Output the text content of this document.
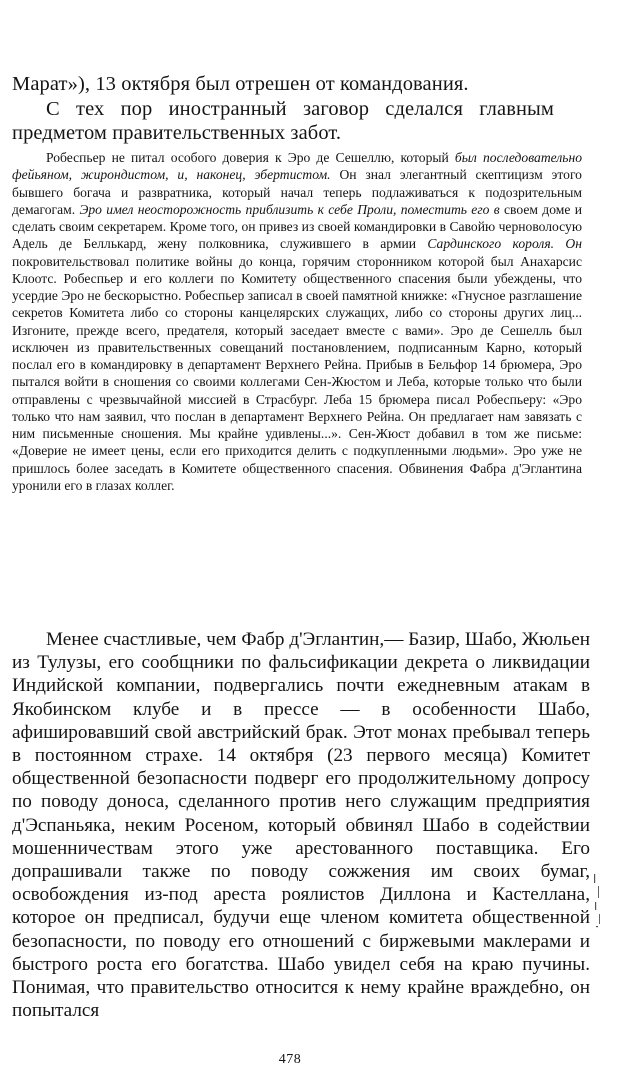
Марат»), 13 октября был отрешен от командования.
С тех пор иностранный заговор сделался главным предметом правительственных забот.

Робеспьер не питал особого доверия к Эро де Сешеллю, который был последовательно фейьяном, жирондистом, и, наконец, эбертистом. Он знал элегантный скептицизм этого бывшего богача и развратника, который начал теперь подлаживаться к подозрительным демагогам. Эро имел неосторожность приблизить к себе Проли, поместить его в своем доме и сделать своим секретарем. Кроме того, он привез из своей командировки в Савойю черноволосую Адель де Беллькард, жену полковника, служившего в армии Сардинского короля. Он покровительствовал политике войны до конца, горячим сторонником которой был Анахарсис Клоотс. Робеспьер и его коллеги по Комитету общественного спасения были убеждены, что усердие Эро не бескорыстно. Робеспьер записал в своей памятной книжке: «Гнусное разглашение секретов Комитета либо со стороны канцелярских служащих, либо со стороны других лиц... Изгоните, прежде всего, предателя, который заседает вместе с вами». Эро де Сешелль был исключен из правительственных совещаний постановлением, подписанным Карно, который послал его в командировку в департамент Верхнего Рейна. Прибыв в Бельфор 14 брюмера, Эро пытался войти в сношения со своими коллегами Сен-Жюстом и Леба, которые только что были отправлены с чрезвычайной миссией в Страсбург. Леба 15 брюмера писал Робеспьеру: «Эро только что нам заявил, что послан в департамент Верхнего Рейна. Он предлагает нам завязать с ним письменные сношения. Мы крайне удивлены...». Сен-Жюст добавил в том же письме: «Доверие не имеет цены, если его приходится делить с подкупленными людьми». Эро уже не пришлось более заседать в Комитете общественного спасения. Обвинения Фабра д'Эглантина уронили его в глазах коллег.

Менее счастливые, чем Фабр д'Эглантин,— Базир, Шабо, Жюльен из Тулузы, его сообщники по фальсификации декрета о ликвидации Индийской компании, подвергались почти ежедневным атакам в Якобинском клубе и в прессе — в особенности Шабо, афишировавший свой австрийский брак. Этот монах пребывал теперь в постоянном страхе. 14 октября (23 первого месяца) Комитет общественной безопасности подверг его продолжительному допросу по поводу доноса, сделанного против него служащим предприятия д'Эспаньяка, неким Росеном, который обвинял Шабо в содействии мошенничествам этого уже арестованного поставщика. Его допрашивали также по поводу сожжения им своих бумаг, освобождения из-под ареста роялистов Диллона и Кастеллана, которое он предписал, будучи еще членом комитета общественной безопасности, по поводу его отношений с биржевыми маклерами и быстрого роста его богатства. Шабо увидел себя на краю пучины. Понимая, что правительство относится к нему крайне враждебно, он попытался

478
